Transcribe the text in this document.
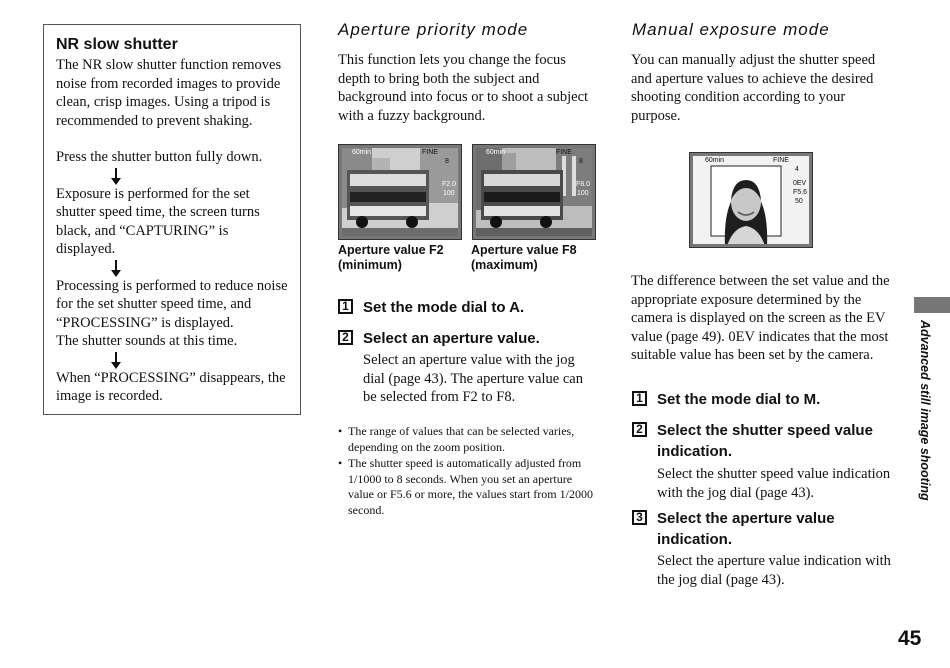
NR slow shutter

The NR slow shutter function removes noise from recorded images to provide clean, crisp images. Using a tripod is recommended to prevent shaking.

Press the shutter button fully down.

Exposure is performed for the set shutter speed time, the screen turns black, and “CAPTURING” is displayed.

Processing is performed to reduce noise for the set shutter speed time, and “PROCESSING” is displayed.

The shutter sounds at this time.

When “PROCESSING” disappears, the image is recorded.

Aperture priority mode

This function lets you change the focus depth to bring both the subject and background into focus or to shoot a subject with a fuzzy background.

60min	FINE
8
F2.0
100
60min	FINE
8
F8.0
100
Aperture value F2
(minimum)
Aperture value F8
(maximum)
1 Set the mode dial to A.
2 Select an aperture value.

Select an aperture value with the jog dial (page 43). The aperture value can be selected from F2 to F8.

• The range of values that can be selected varies, depending on the zoom position.
• The shutter speed is automatically adjusted from 1/1000 to 8 seconds. When you set an aperture value or F5.6 or more, the values start from 1/2000 second.
Manual exposure mode

You can manually adjust the shutter speed and aperture values to achieve the desired shooting condition according to your purpose.

60min	FINE
4
0EV
F5.6
50

The difference between the set value and the appropriate exposure determined by the camera is displayed on the screen as the EV value (page 49). 0EV indicates that the most suitable value has been set by the camera.

1 Set the mode dial to M.
2 Select the shutter speed value
indication.

Select the shutter speed value indication with the jog dial (page 43).

3 Select the aperture value
indication.

Select the aperture value indication with the jog dial (page 43).

Advanced still image shooting
45
